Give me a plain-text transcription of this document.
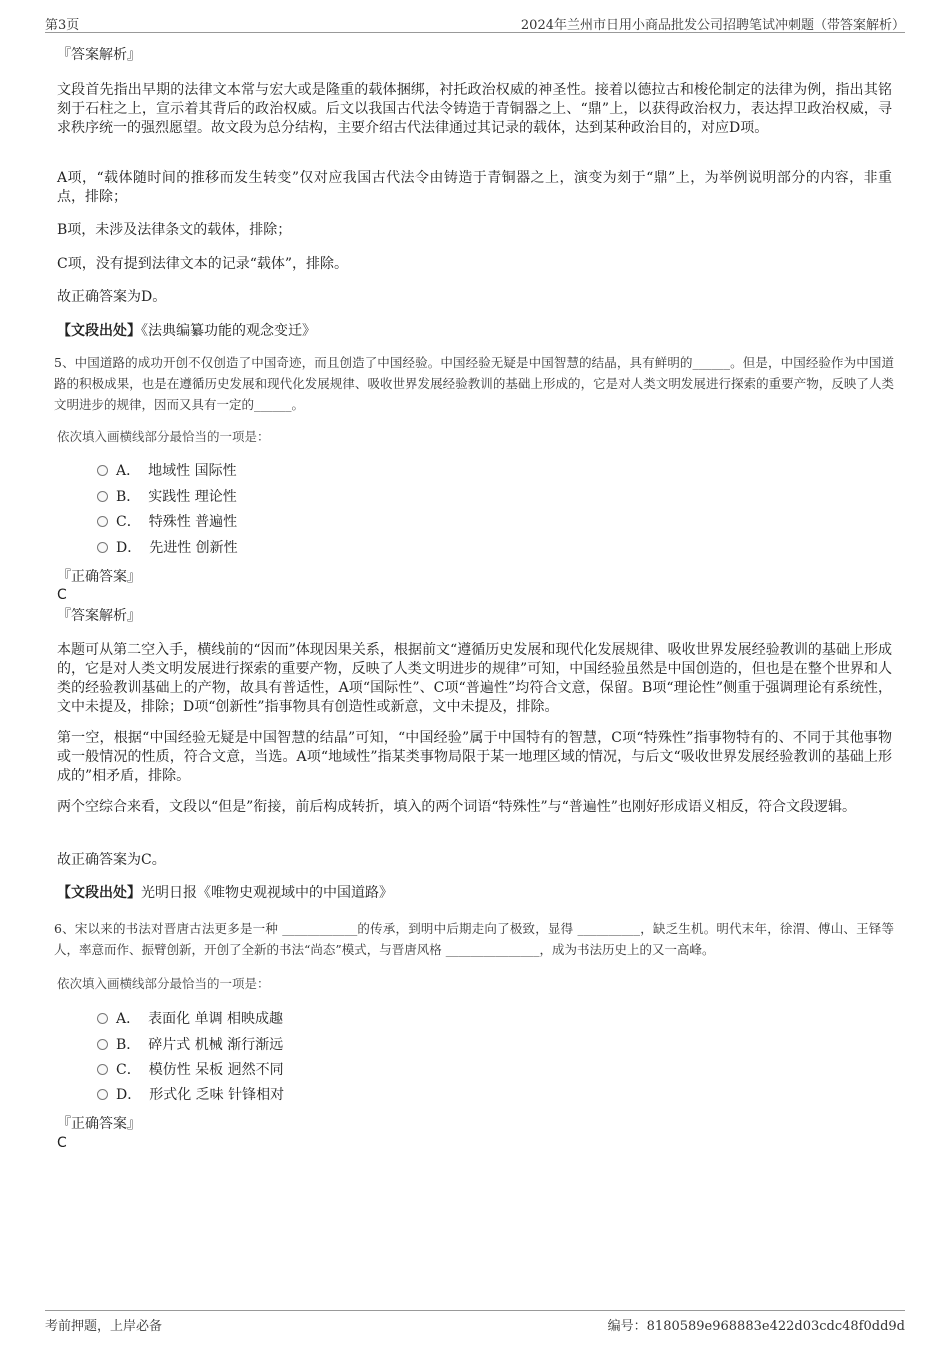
第3页	2024年兰州市日用小商品批发公司招聘笔试冲刺题（带答案解析）
『答案解析』
文段首先指出早期的法律文本常与宏大或是隆重的载体捆绑，衬托政治权威的神圣性。接着以德拉古和梭伦制定的法律为例，指出其铭刻于石柱之上，宣示着其背后的政治权威。后文以我国古代法令铸造于青铜器之上、“鼎”上，以获得政治权力，表达捍卫政治权威，寻求秩序统一的强烈愿望。故文段为总分结构，主要介绍古代法律通过其记录的载体，达到某种政治目的，对应D项。
A项，“载体随时间的推移而发生转变”仅对应我国古代法令由铸造于青铜器之上，演变为刻于“鼎”上，为举例说明部分的内容，非重点，排除；
B项，未涉及法律条文的载体，排除；
C项，没有提到法律文本的记录“载体”，排除。
故正确答案为D。
【文段出处】《法典编纂功能的观念变迁》
5、中国道路的成功开创不仅创造了中国奇迹，而且创造了中国经验。中国经验无疑是中国智慧的结晶，具有鲜明的______。但是，中国经验作为中国道路的积极成果，也是在遵循历史发展和现代化发展规律、吸收世界发展经验教训的基础上形成的，它是对人类文明发展进行探索的重要产物，反映了人类文明进步的规律，因而又具有一定的______。
依次填入画横线部分最恰当的一项是：
A． 地域性 国际性
B． 实践性 理论性
C． 特殊性 普遍性
D． 先进性 创新性
『正确答案』
C
『答案解析』
本题可从第二空入手，横线前的“因而”体现因果关系，根据前文“遵循历史发展和现代化发展规律、吸收世界发展经验教训的基础上形成的，它是对人类文明发展进行探索的重要产物，反映了人类文明进步的规律”可知，中国经验虽然是中国创造的，但也是在整个世界和人类的经验教训基础上的产物，故具有普适性，A项“国际性”、C项“普遍性”均符合文意，保留。B项“理论性”侧重于强调理论有系统性，文中未提及，排除；D项“创新性”指事物具有创造性或新意，文中未提及，排除。
第一空，根据“中国经验无疑是中国智慧的结晶”可知，“中国经验”属于中国特有的智慧，C项“特殊性”指事物特有的、不同于其他事物或一般情况的性质，符合文意，当选。A项“地域性”指某类事物局限于某一地理区域的情况，与后文“吸收世界发展经验教训的基础上形成的”相矛盾，排除。
两个空综合来看，文段以“但是”衔接，前后构成转折，填入的两个词语“特殊性”与“普遍性”也刚好形成语义相反，符合文段逻辑。
故正确答案为C。
【文段出处】光明日报《唯物史观视域中的中国道路》
6、宋以来的书法对晋唐古法更多是一种 ____________的传承，到明中后期走向了极致，显得 __________，缺乏生机。明代末年，徐渭、傅山、王铎等人，率意而作、振臂创新，开创了全新的书法“尚态”模式，与晋唐风格 _______________，成为书法历史上的又一高峰。
依次填入画横线部分最恰当的一项是：
A． 表面化 单调 相映成趣
B． 碎片式 机械 渐行渐远
C． 模仿性 呆板 迥然不同
D． 形式化 乏味 针锋相对
『正确答案』
C
考前押题，上岸必备	编号：8180589e968883e422d03cdc48f0dd9d
